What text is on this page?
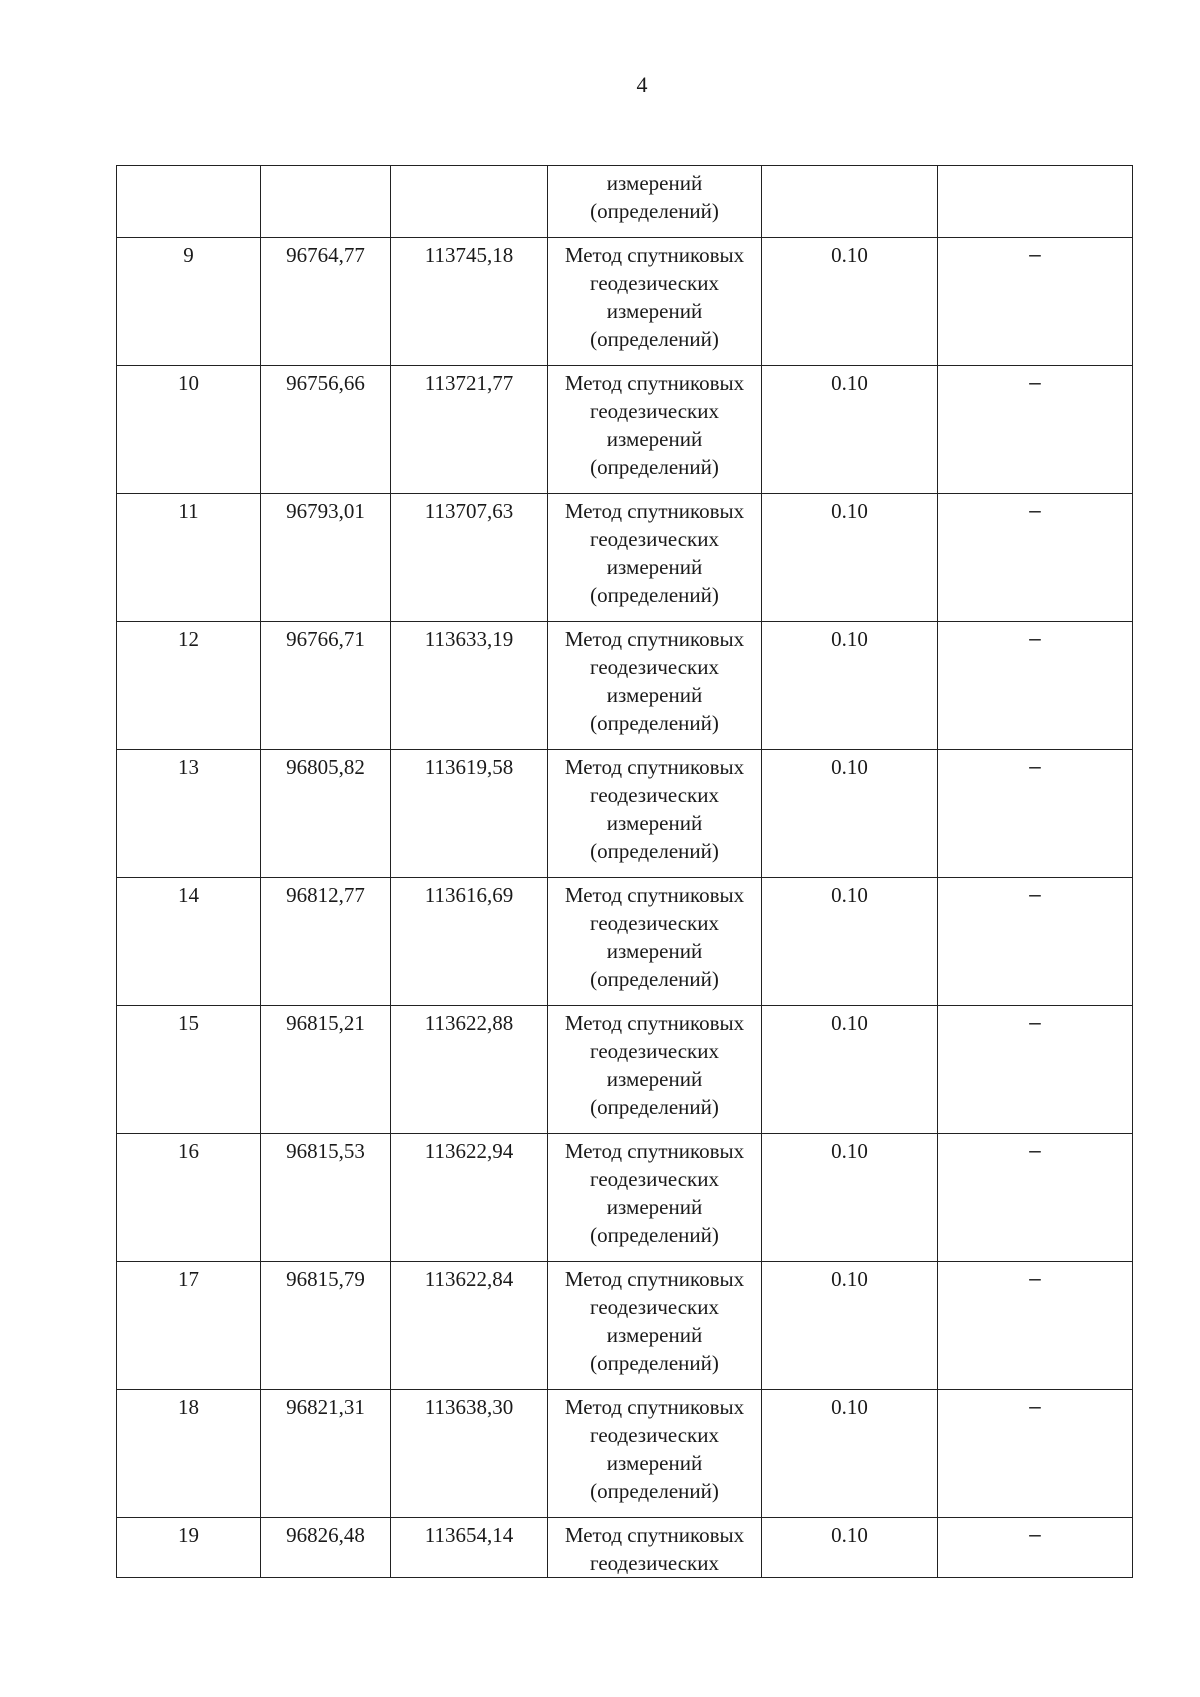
4

			измерений
(определений)		

9	96764,77	113745,18	Метод спутниковых
геодезических
измерений
(определений)	0.10	–
10	96756,66	113721,77	Метод спутниковых
геодезических
измерений
(определений)	0.10	–
11	96793,01	113707,63	Метод спутниковых
геодезических
измерений
(определений)	0.10	–
12	96766,71	113633,19	Метод спутниковых
геодезических
измерений
(определений)	0.10	–
13	96805,82	113619,58	Метод спутниковых
геодезических
измерений
(определений)	0.10	–
14	96812,77	113616,69	Метод спутниковых
геодезических
измерений
(определений)	0.10	–
15	96815,21	113622,88	Метод спутниковых
геодезических
измерений
(определений)	0.10	–
16	96815,53	113622,94	Метод спутниковых
геодезических
измерений
(определений)	0.10	–
17	96815,79	113622,84	Метод спутниковых
геодезических
измерений
(определений)	0.10	–
18	96821,31	113638,30	Метод спутниковых
геодезических
измерений
(определений)	0.10	–
19	96826,48	113654,14	Метод спутниковых
геодезических	0.10	–
